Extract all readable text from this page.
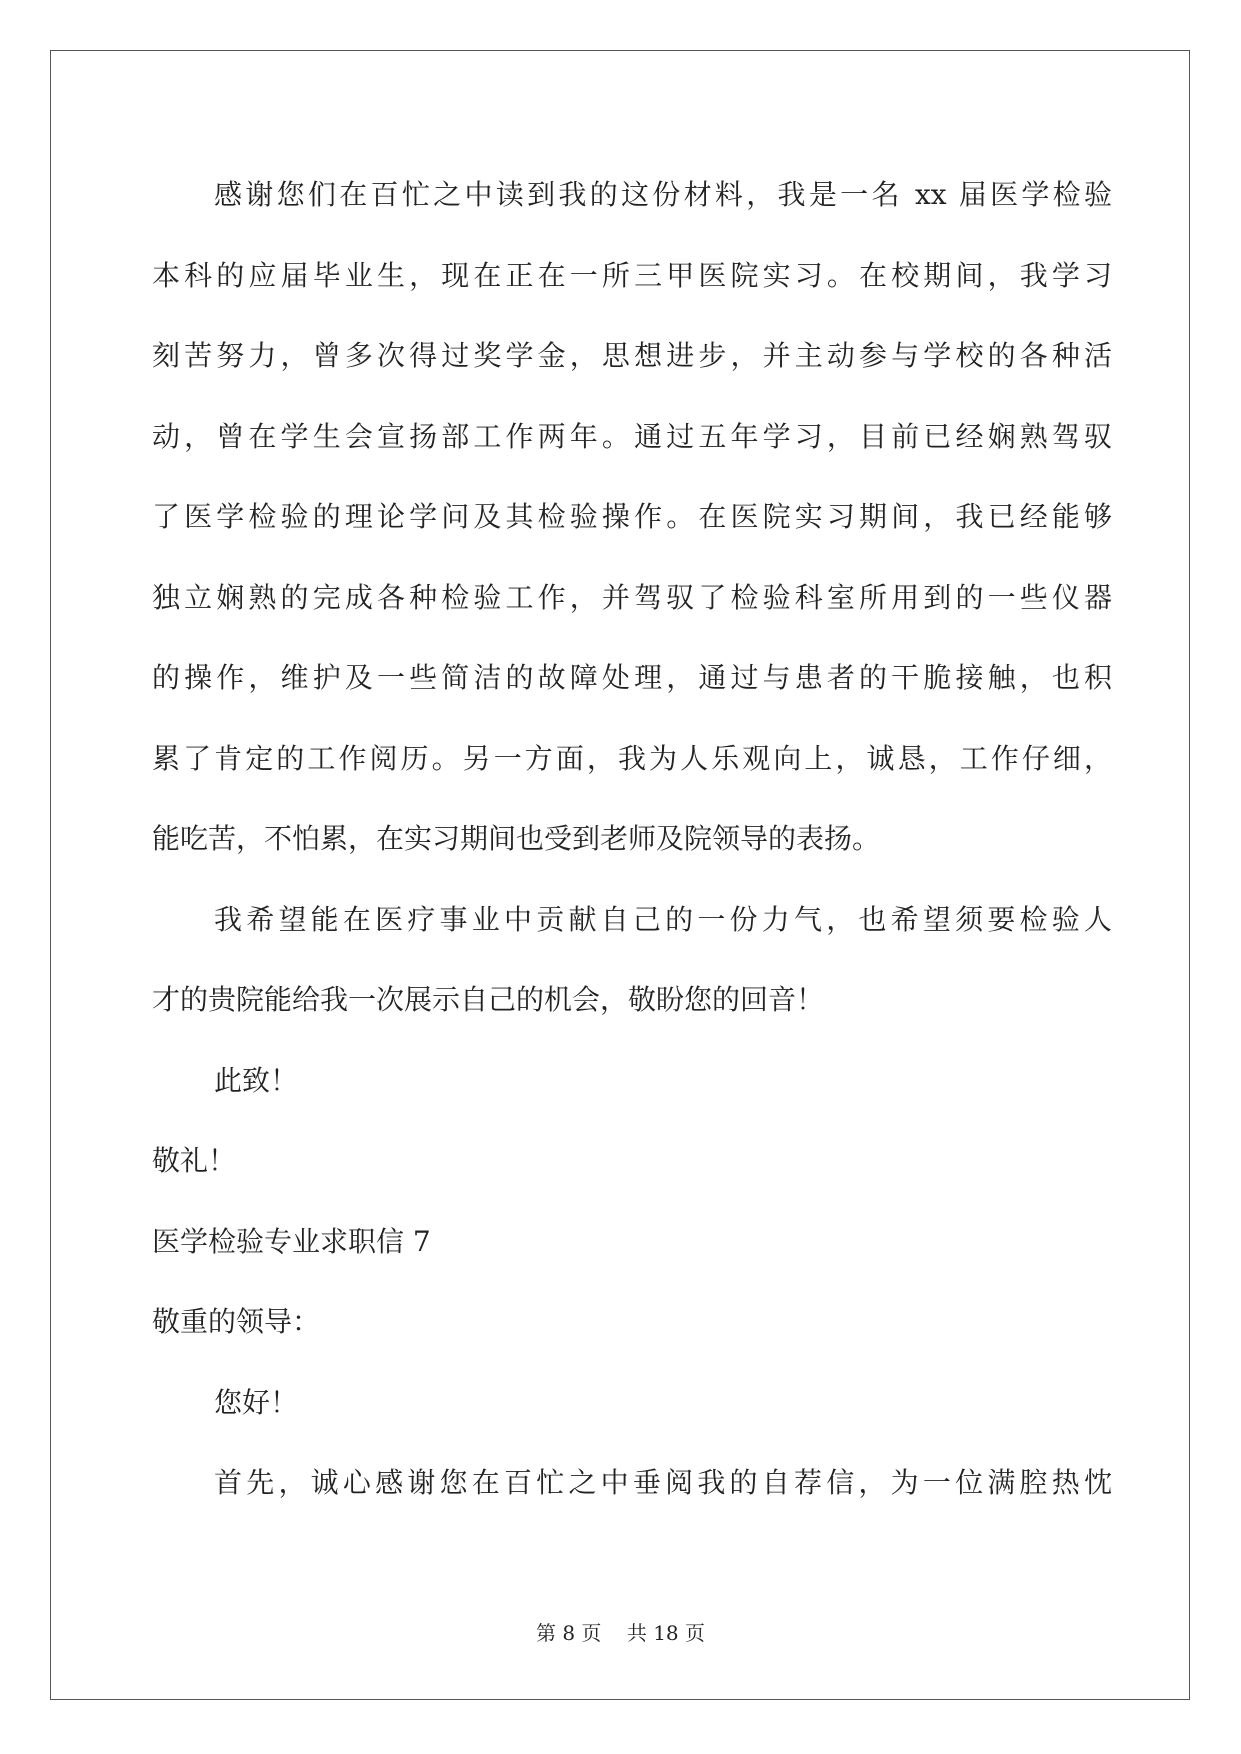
感谢您们在百忙之中读到我的这份材料，我是一名 xx 届医学检验
本科的应届毕业生，现在正在一所三甲医院实习。在校期间，我学习
刻苦努力，曾多次得过奖学金，思想进步，并主动参与学校的各种活
动，曾在学生会宣扬部工作两年。通过五年学习，目前已经娴熟驾驭
了医学检验的理论学问及其检验操作。在医院实习期间，我已经能够
独立娴熟的完成各种检验工作，并驾驭了检验科室所用到的一些仪器
的操作，维护及一些简洁的故障处理，通过与患者的干脆接触，也积
累了肯定的工作阅历。另一方面，我为人乐观向上，诚恳，工作仔细，
能吃苦，不怕累，在实习期间也受到老师及院领导的表扬。
我希望能在医疗事业中贡献自己的一份力气，也希望须要检验人
才的贵院能给我一次展示自己的机会，敬盼您的回音！
此致！
敬礼！
医学检验专业求职信 7
敬重的领导：
您好！
首先，诚心感谢您在百忙之中垂阅我的自荐信，为一位满腔热忱
第 8 页    共 18 页
